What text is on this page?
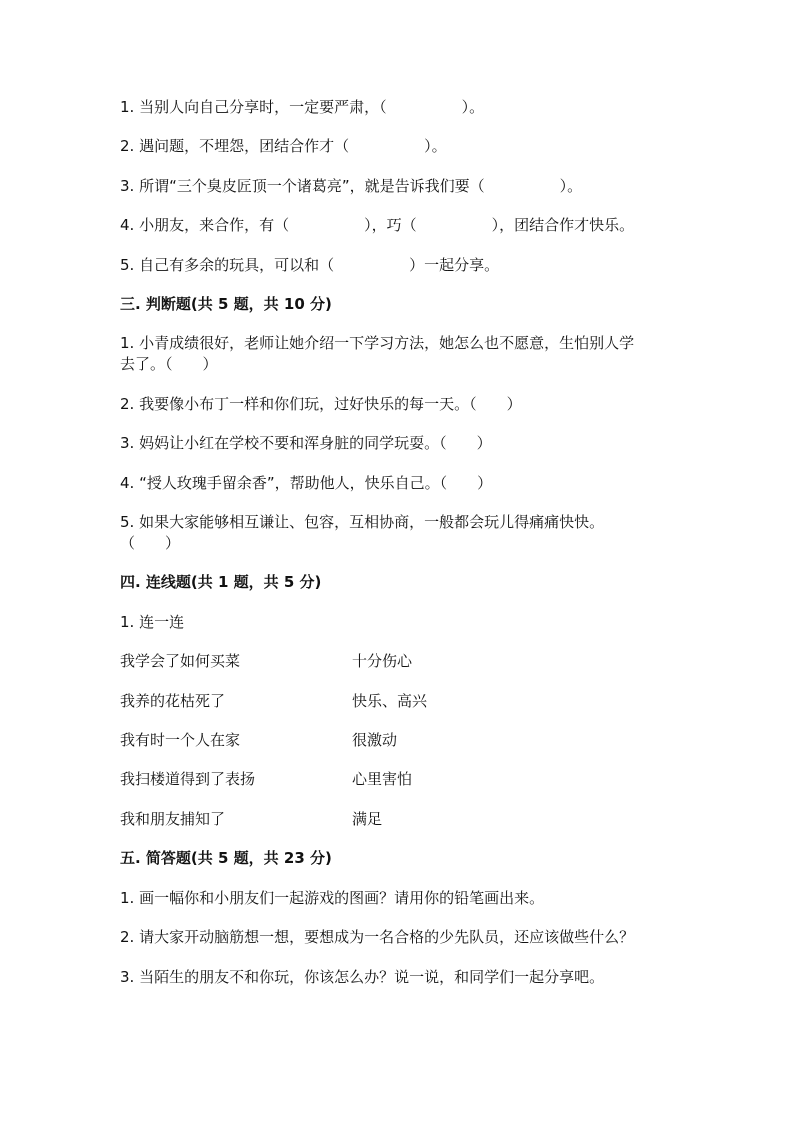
1. 当别人向自己分享时，一定要严肃，（　　　　　）。
2. 遇问题，不埋怨，团结合作才（　　　　　）。
3. 所谓“三个臭皮匠顶一个诸葛亮”，就是告诉我们要（　　　　　）。
4. 小朋友，来合作，有（　　　　　），巧（　　　　　），团结合作才快乐。
5. 自己有多余的玩具，可以和（　　　　　）一起分享。
三. 判断题(共 5 题，共 10 分)
1. 小青成绩很好，老师让她介绍一下学习方法，她怎么也不愿意，生怕别人学
去了。（　　）
2. 我要像小布丁一样和你们玩，过好快乐的每一天。（　　）
3. 妈妈让小红在学校不要和浑身脏的同学玩耍。（　　）
4. “授人玫瑰手留余香”，帮助他人，快乐自己。（　　）
5. 如果大家能够相互谦让、包容，互相协商，一般都会玩儿得痛痛快快。
（　　）
四. 连线题(共 1 题，共 5 分)
1. 连一连
我学会了如何买菜	十分伤心
我养的花枯死了	快乐、高兴
我有时一个人在家	很激动
我扫楼道得到了表扬	心里害怕
我和朋友捕知了	满足
五. 简答题(共 5 题，共 23 分)
1. 画一幅你和小朋友们一起游戏的图画？请用你的铅笔画出来。
2. 请大家开动脑筋想一想，要想成为一名合格的少先队员，还应该做些什么？
3. 当陌生的朋友不和你玩，你该怎么办？说一说，和同学们一起分享吧。
